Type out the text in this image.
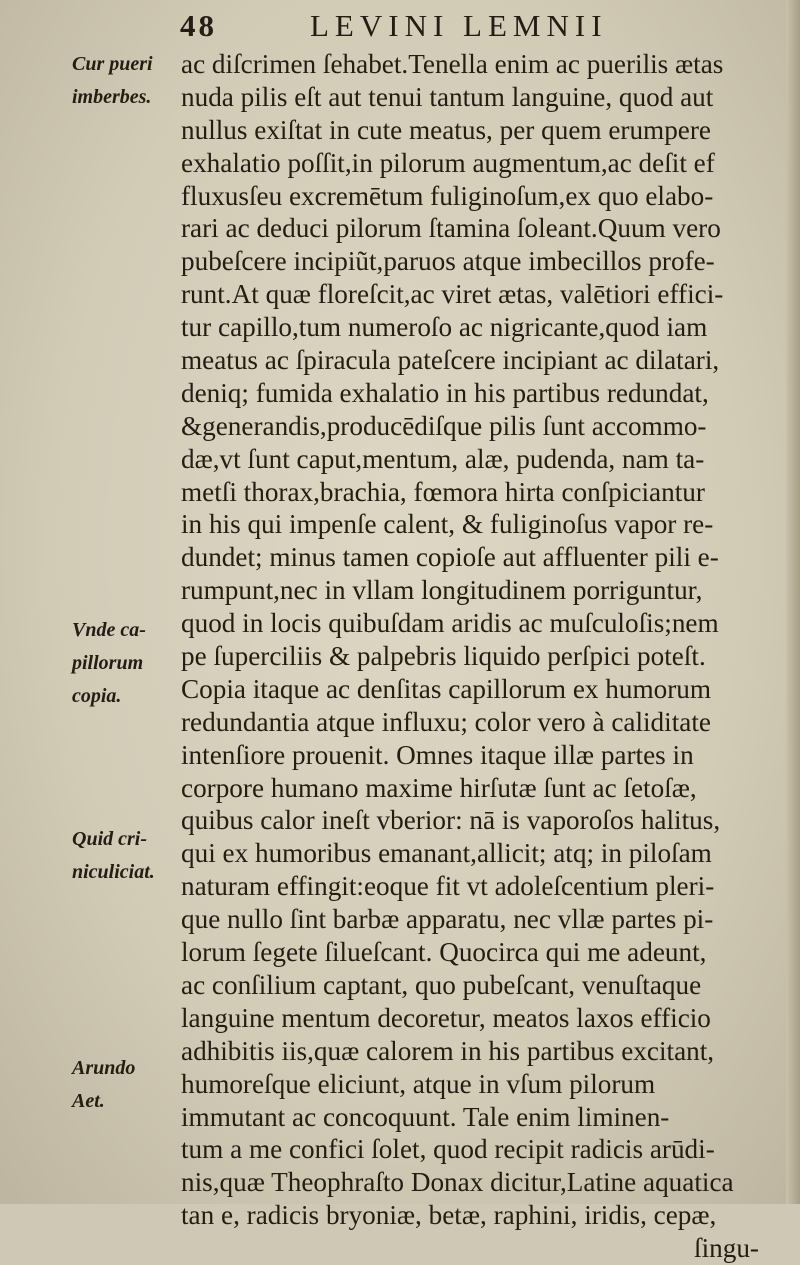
48	LEVINI LEMNII
ac diſcrimen ſehabet.Tenella enim ac puerilis ætas
nuda pilis eſt aut tenui tantum languine, quod aut
nullus exiſtat in cute meatus, per quem erumpere
exhalatio poſſit,in pilorum augmentum,ac deſit ef
fluxusſeu excremētum fuliginoſum,ex quo elabo-
rari ac deduci pilorum ſtamina ſoleant.Quum vero
pubeſcere incipiũt,paruos atque imbecillos profe-
runt.At quæ floreſcit,ac viret ætas, valētiori effici-
tur capillo,tum numeroſo ac nigricante,quod iam
meatus ac ſpiracula pateſcere incipiant ac dilatari,
deniq; fumida exhalatio in his partibus redundat,
&generandis,producēdiſque pilis ſunt accommo-
dæ,vt ſunt caput,mentum, alæ, pudenda, nam ta-
metſi thorax,brachia, fœmora hirta conſpiciantur
in his qui impenſe calent, & fuliginoſus vapor re-
dundet; minus tamen copioſe aut affluenter pili e-
rumpunt,nec in vllam longitudinem porriguntur,
quod in locis quibuſdam aridis ac muſculoſis;nem
pe ſuperciliis & palpebris liquido perſpici poteſt.
Copia itaque ac denſitas capillorum ex humorum
redundantia atque influxu; color vero à caliditate
intenſiore prouenit. Omnes itaque illæ partes in
corpore humano maxime hirſutæ ſunt ac ſetoſæ,
quibus calor ineſt vberior: nā is vaporoſos halitus,
qui ex humoribus emanant,allicit; atq; in piloſam
naturam effingit:eoque fit vt adoleſcentium pleri-
que nullo ſint barbæ apparatu, nec vllæ partes pi-
lorum ſegete ſilueſcant. Quocirca qui me adeunt,
ac conſilium captant, quo pubeſcant, venuſtaque
languine mentum decoretur, meatos laxos efficio
adhibitis iis,quæ calorem in his partibus excitant,
humoreſque eliciunt, atque in vſum pilorum
immutant ac concoquunt. Tale enim liminen-
tum a me confici ſolet, quod recipit radicis arūdi-
nis,quæ Theophraſto Donax dicitur,Latine aquatica
tan e, radicis bryoniæ, betæ, raphini, iridis, cepæ,
ſingu-
Cur pueri
imberbes.
Vnde ca-
pillorum
copia.
Quid cri-
niculiciat.
Arundo
Aet.
